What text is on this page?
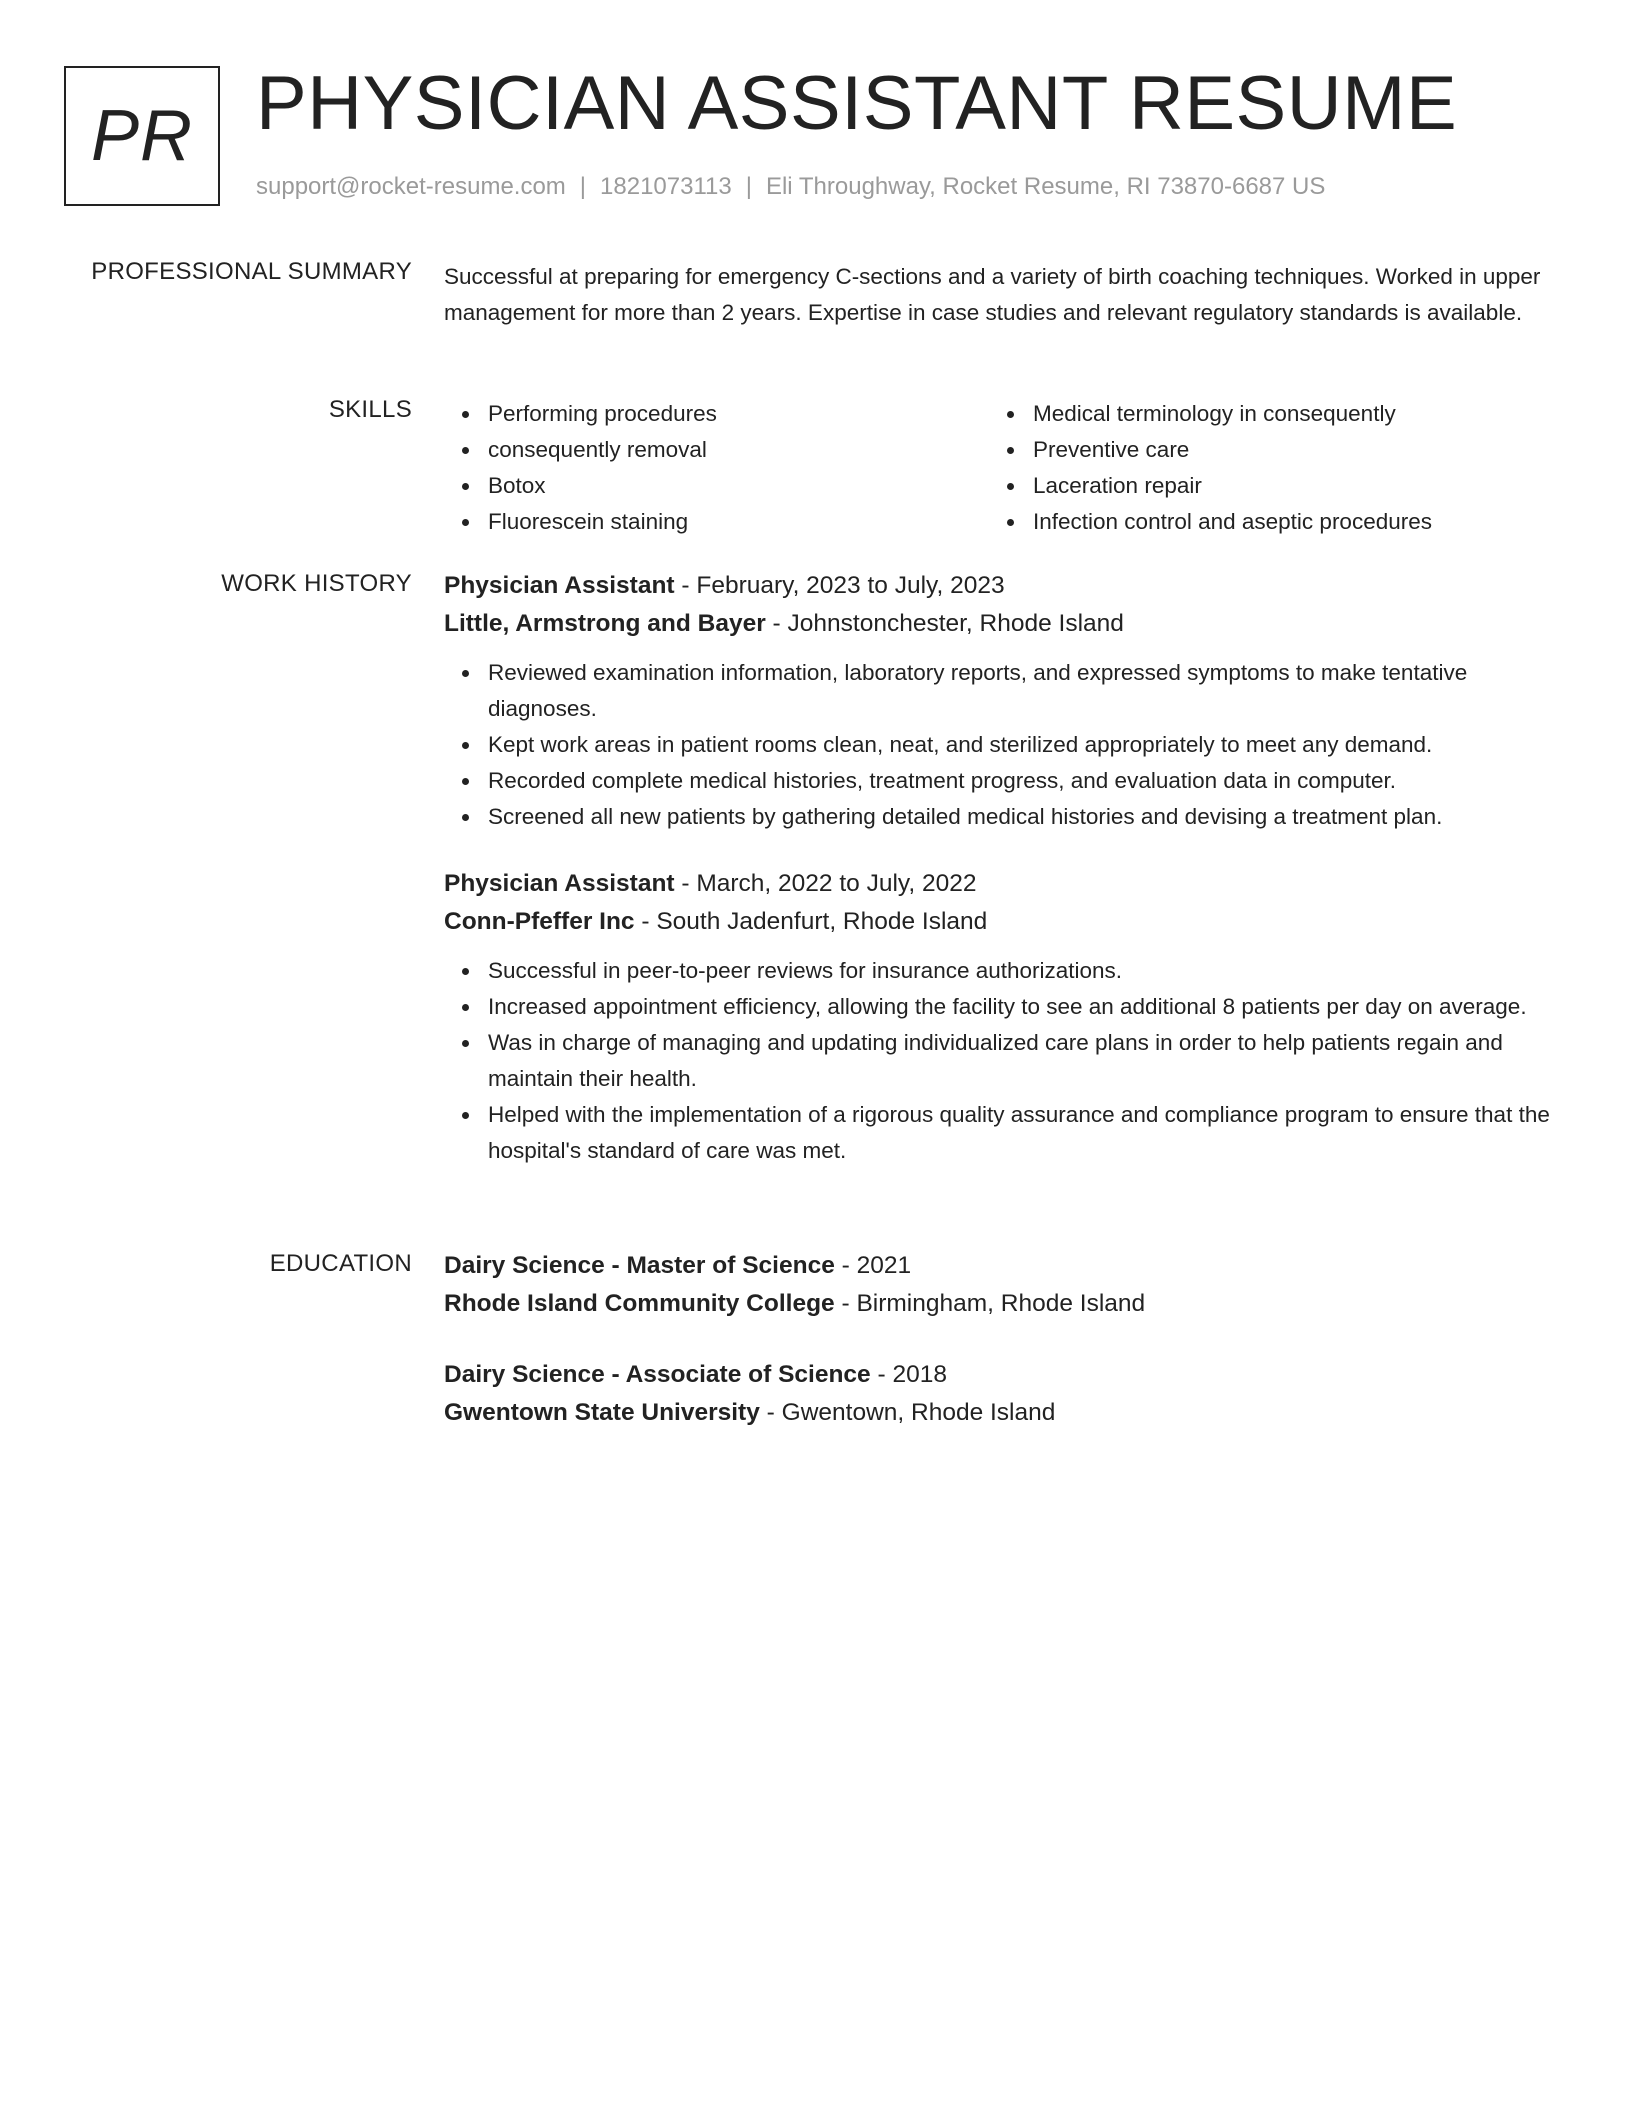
PR PHYSICIAN ASSISTANT RESUME
support@rocket-resume.com | 1821073113 | Eli Throughway, Rocket Resume, RI 73870-6687 US
PROFESSIONAL SUMMARY Successful at preparing for emergency C-sections and a variety of birth coaching techniques. Worked in upper management for more than 2 years. Expertise in case studies and relevant regulatory standards is available.

SKILLS	Performing procedures
consequently removal
Botox
Fluorescein staining
Medical terminology in consequently
Preventive care
Laceration repair
Infection control and aseptic procedures
WORK HISTORY Physician Assistant - February, 2023 to July, 2023
Little, Armstrong and Bayer - Johnstonchester, Rhode Island
Reviewed examination information, laboratory reports, and expressed symptoms to make tentative diagnoses.
Kept work areas in patient rooms clean, neat, and sterilized appropriately to meet any demand.
Recorded complete medical histories, treatment progress, and evaluation data in computer.
Screened all new patients by gathering detailed medical histories and devising a treatment plan.
Physician Assistant - March, 2022 to July, 2022
Conn-Pfeffer Inc - South Jadenfurt, Rhode Island
Successful in peer-to-peer reviews for insurance authorizations.
Increased appointment efficiency, allowing the facility to see an additional 8 patients per day on average.
Was in charge of managing and updating individualized care plans in order to help patients regain and maintain their health.
Helped with the implementation of a rigorous quality assurance and compliance program to ensure that the hospital's standard of care was met.
EDUCATION Dairy Science - Master of Science - 2021
Rhode Island Community College - Birmingham, Rhode Island
Dairy Science - Associate of Science - 2018
Gwentown State University - Gwentown, Rhode Island
